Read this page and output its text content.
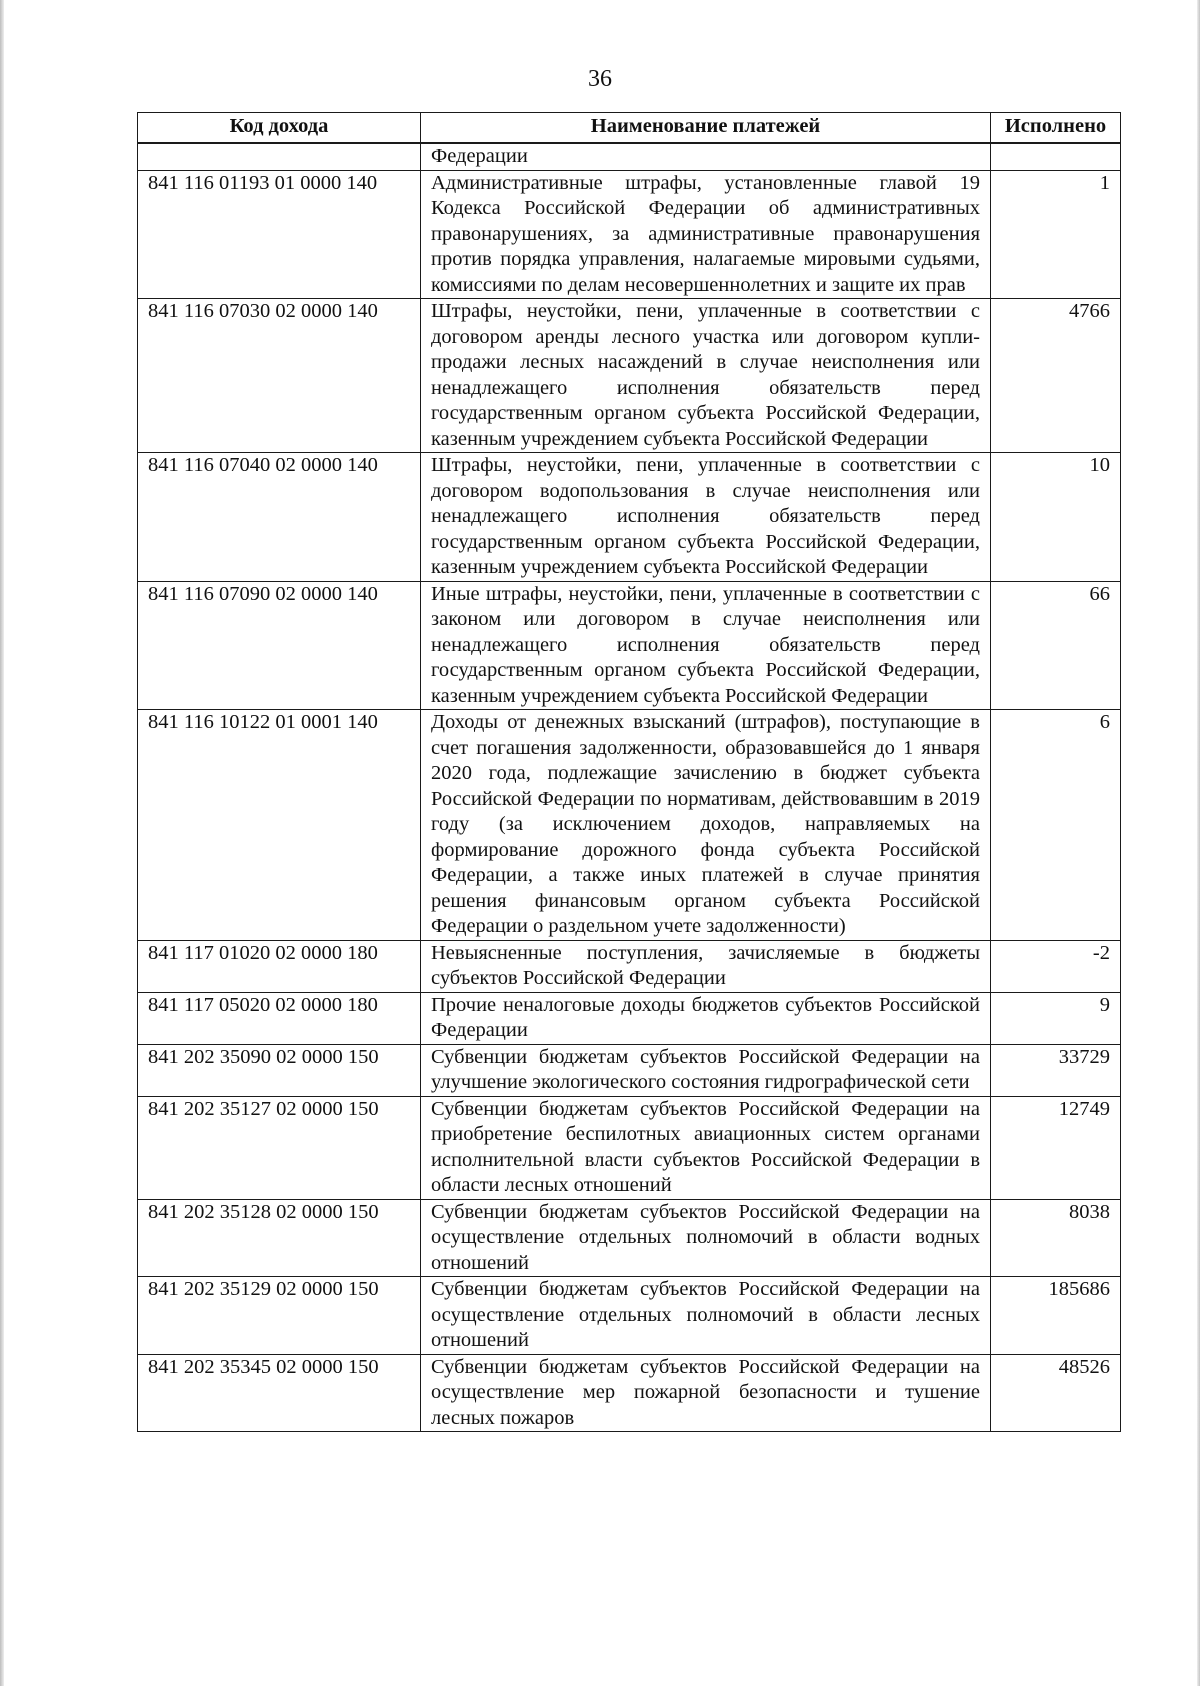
36
Код дохода	Наименование платежей	Исполнено
	Федерации	
841 116 01193 01 0000 140	Административные штрафы, установленные главой 19 Кодекса Российской Федерации об административных правонарушениях, за административные правонарушения против порядка управления, налагаемые мировыми судьями, комиссиями по делам несовершеннолетних и защите их прав	1
841 116 07030 02 0000 140	Штрафы, неустойки, пени, уплаченные в соответствии с договором аренды лесного участка или договором купли-продажи лесных насаждений в случае неисполнения или ненадлежащего исполнения обязательств перед государственным органом субъекта Российской Федерации, казенным учреждением субъекта Российской Федерации	4766
841 116 07040 02 0000 140	Штрафы, неустойки, пени, уплаченные в соответствии с договором водопользования в случае неисполнения или ненадлежащего исполнения обязательств перед государственным органом субъекта Российской Федерации, казенным учреждением субъекта Российской Федерации	10
841 116 07090 02 0000 140	Иные штрафы, неустойки, пени, уплаченные в соответствии с законом или договором в случае неисполнения или ненадлежащего исполнения обязательств перед государственным органом субъекта Российской Федерации, казенным учреждением субъекта Российской Федерации	66
841 116 10122 01 0001 140	Доходы от денежных взысканий (штрафов), поступающие в счет погашения задолженности, образовавшейся до 1 января 2020 года, подлежащие зачислению в бюджет субъекта Российской Федерации по нормативам, действовавшим в 2019 году (за исключением доходов, направляемых на формирование дорожного фонда субъекта Российской Федерации, а также иных платежей в случае принятия решения финансовым органом субъекта Российской Федерации о раздельном учете задолженности)	6
841 117 01020 02 0000 180	Невыясненные поступления, зачисляемые в бюджеты субъектов Российской Федерации	-2
841 117 05020 02 0000 180	Прочие неналоговые доходы бюджетов субъектов Российской Федерации	9
841 202 35090 02 0000 150	Субвенции бюджетам субъектов Российской Федерации на улучшение экологического состояния гидрографической сети	33729
841 202 35127 02 0000 150	Субвенции бюджетам субъектов Российской Федерации на приобретение беспилотных авиационных систем органами исполнительной власти субъектов Российской Федерации в области лесных отношений	12749
841 202 35128 02 0000 150	Субвенции бюджетам субъектов Российской Федерации на осуществление отдельных полномочий в области водных отношений	8038
841 202 35129 02 0000 150	Субвенции бюджетам субъектов Российской Федерации на осуществление отдельных полномочий в области лесных отношений	185686
841 202 35345 02 0000 150	Субвенции бюджетам субъектов Российской Федерации на осуществление мер пожарной безопасности и тушение лесных пожаров	48526
